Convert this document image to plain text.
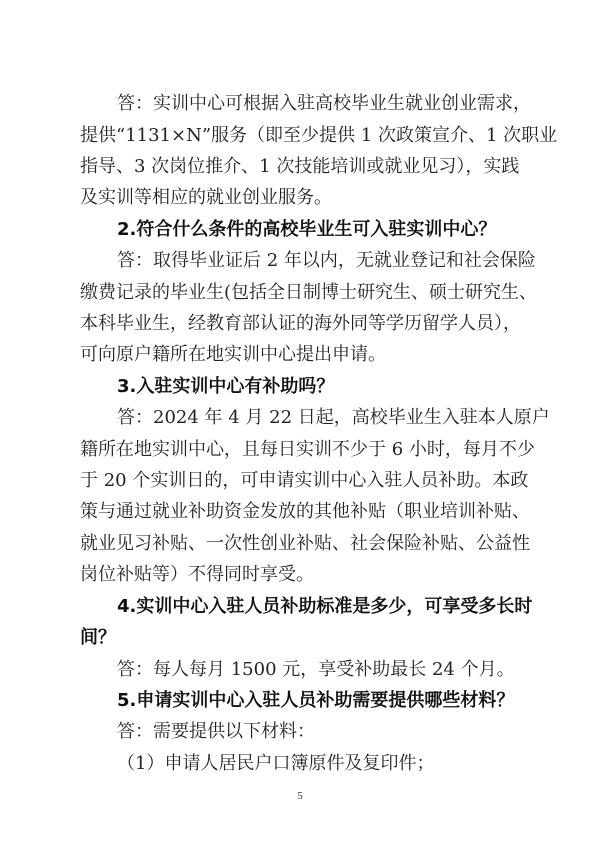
答：实训中心可根据入驻高校毕业生就业创业需求，
提供“1131×N”服务（即至少提供 1 次政策宣介、1 次职业
指导、3 次岗位推介、1 次技能培训或就业见习），实践
及实训等相应的就业创业服务。
2.符合什么条件的高校毕业生可入驻实训中心？
答：取得毕业证后 2 年以内，无就业登记和社会保险
缴费记录的毕业生(包括全日制博士研究生、硕士研究生、
本科毕业生，经教育部认证的海外同等学历留学人员），
可向原户籍所在地实训中心提出申请。
3.入驻实训中心有补助吗？
答：2024 年 4 月 22 日起，高校毕业生入驻本人原户
籍所在地实训中心，且每日实训不少于 6 小时，每月不少
于 20 个实训日的，可申请实训中心入驻人员补助。本政
策与通过就业补助资金发放的其他补贴（职业培训补贴、
就业见习补贴、一次性创业补贴、社会保险补贴、公益性
岗位补贴等）不得同时享受。
4.实训中心入驻人员补助标准是多少，可享受多长时
间？
答：每人每月 1500 元，享受补助最长 24 个月。
5.申请实训中心入驻人员补助需要提供哪些材料？
答：需要提供以下材料：
（1）申请人居民户口簿原件及复印件；
5
